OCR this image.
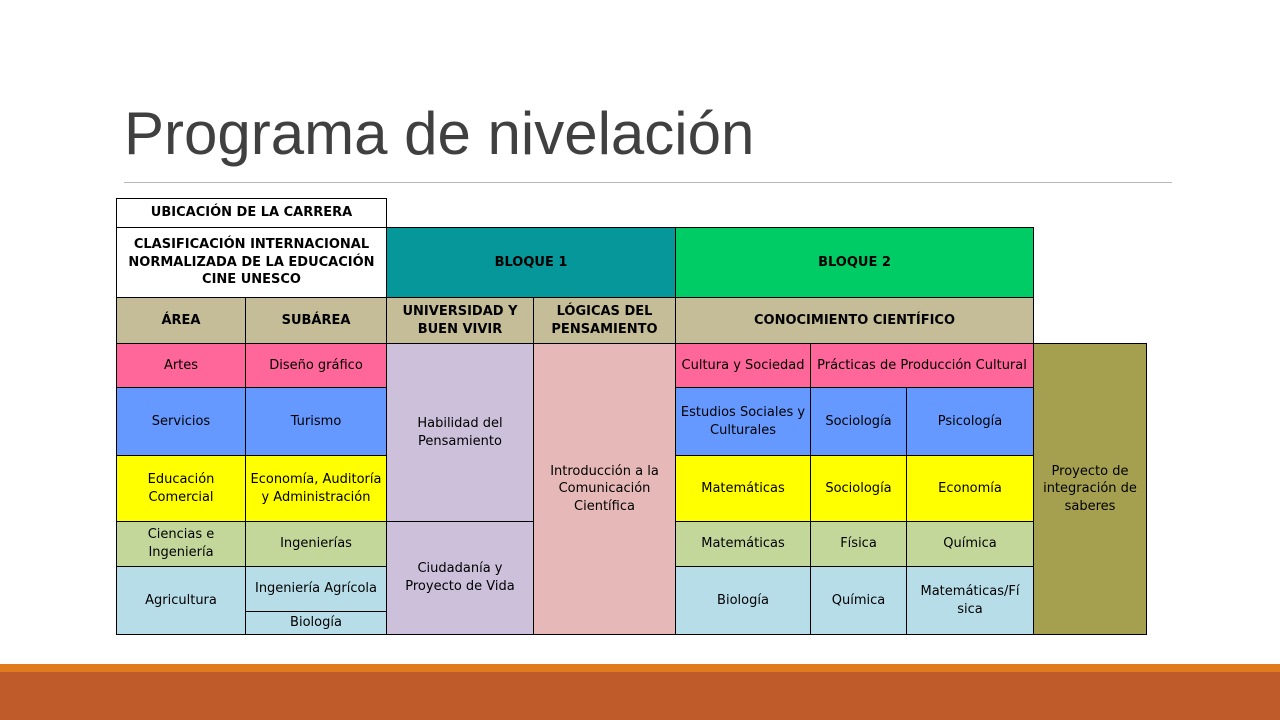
Programa de nivelación
UBICACIÓN DE LA CARRERA							
CLASIFICACIÓN INTERNACIONAL NORMALIZADA DE LA EDUCACIÓN CINE UNESCO		BLOQUE 1		BLOQUE 2			
ÁREA	SUBÁREA	UNIVERSIDAD Y BUEN VIVIR	LÓGICAS DEL PENSAMIENTO	CONOCIMIENTO CIENTÍFICO			
Artes	Diseño gráfico	Habilidad del Pensamiento	Introducción a la Comunicación Científica	Cultura y Sociedad	Prácticas de Producción Cultural		Proyecto de integración de saberes
Servicios	Turismo			Estudios Sociales y Culturales	Sociología	Psicología	
Educación Comercial	Economía, Auditoría y Administración			Matemáticas	Sociología	Economía	
Ciencias e Ingeniería	Ingenierías	Ciudadanía y Proyecto de Vida		Matemáticas	Física	Química	
Agricultura	Ingeniería Agrícola			Biología	Química	Matemáticas/Fí sica	
	Biología						
